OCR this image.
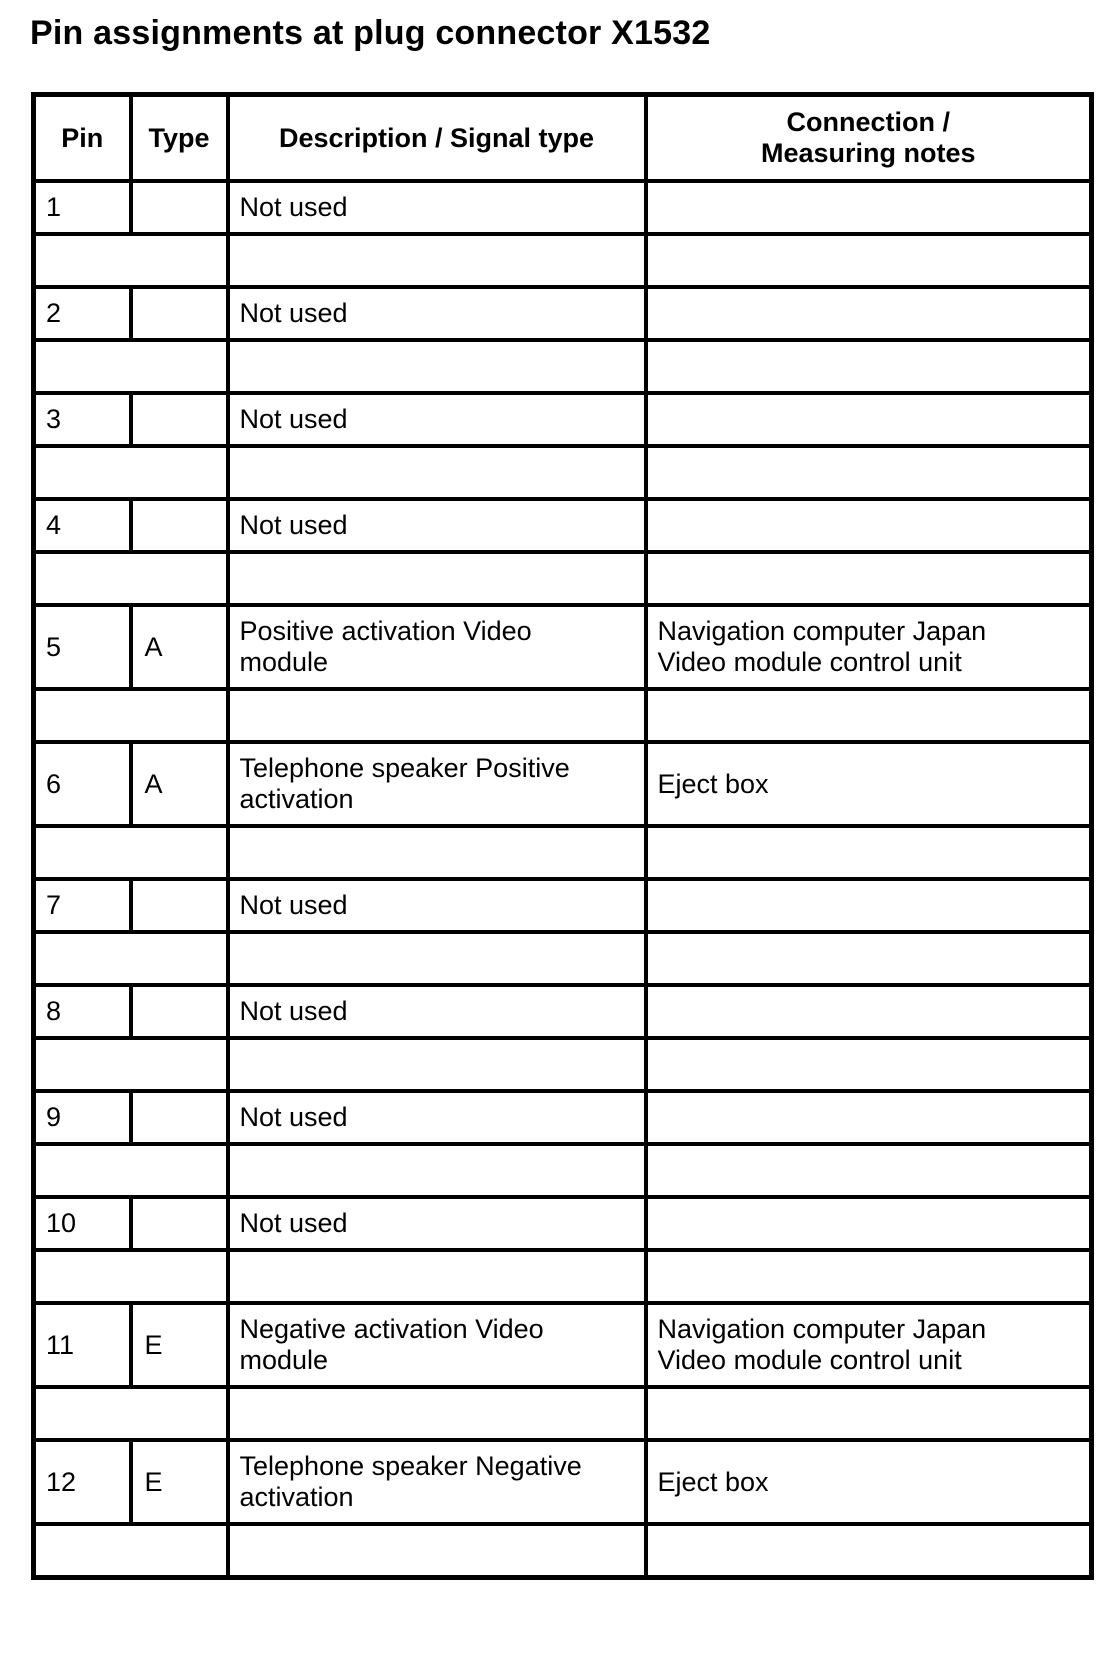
Pin assignments at plug connector X1532
Pin	Type	Description / Signal type	Connection /
Measuring notes
1		Not used	

2		Not used	

3		Not used	

4		Not used	

5	A	Positive activation Video
module	Navigation computer Japan
Video module control unit

6	A	Telephone speaker Positive
activation	Eject box

7		Not used	

8		Not used	

9		Not used	

10		Not used	

11	E	Negative activation Video
module	Navigation computer Japan
Video module control unit

12	E	Telephone speaker Negative
activation	Eject box
